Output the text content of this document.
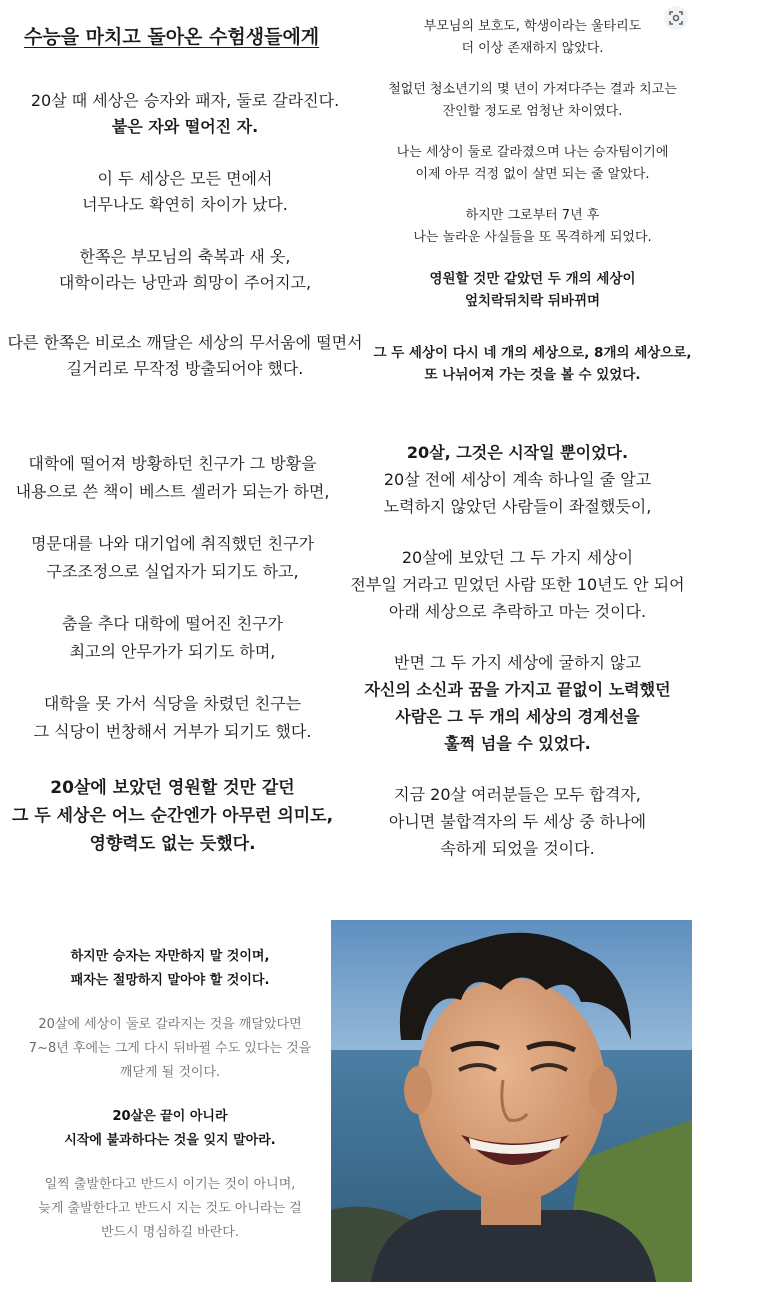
수능을 마치고 돌아온 수험생들에게

20살 때 세상은 승자와 패자, 둘로 갈라진다.
붙은 자와 떨어진 자.

이 두 세상은 모든 면에서
너무나도 확연히 차이가 났다.

한쪽은 부모님의 축복과 새 옷,
대학이라는 낭만과 희망이 주어지고,

다른 한쪽은 비로소 깨달은 세상의 무서움에 떨면서
길거리로 무작정 방출되어야 했다.

부모님의 보호도, 학생이라는 울타리도
더 이상 존재하지 않았다.

철없던 청소년기의 몇 년이 가져다주는 결과 치고는
잔인할 정도로 엄청난 차이였다.

나는 세상이 둘로 갈라졌으며 나는 승자팀이기에
이제 아무 걱정 없이 살면 되는 줄 알았다.

하지만 그로부터 7년 후
나는 놀라운 사실들을 또 목격하게 되었다.

영원할 것만 같았던 두 개의 세상이
엎치락뒤치락 뒤바뀌며

그 두 세상이 다시 네 개의 세상으로, 8개의 세상으로,
또 나뉘어져 가는 것을 볼 수 있었다.

대학에 떨어져 방황하던 친구가 그 방황을
내용으로 쓴 책이 베스트 셀러가 되는가 하면,

명문대를 나와 대기업에 취직했던 친구가
구조조정으로 실업자가 되기도 하고,

춤을 추다 대학에 떨어진 친구가
최고의 안무가가 되기도 하며,

대학을 못 가서 식당을 차렸던 친구는
그 식당이 번창해서 거부가 되기도 했다.

20살에 보았던 영원할 것만 같던
그 두 세상은 어느 순간엔가 아무런 의미도,
영향력도 없는 듯했다.

20살, 그것은 시작일 뿐이었다.
20살 전에 세상이 계속 하나일 줄 알고
노력하지 않았던 사람들이 좌절했듯이,

20살에 보았던 그 두 가지 세상이
전부일 거라고 믿었던 사람 또한 10년도 안 되어
아래 세상으로 추락하고 마는 것이다.

반면 그 두 가지 세상에 굴하지 않고
자신의 소신과 꿈을 가지고 끝없이 노력했던
사람은 그 두 개의 세상의 경계선을
훌쩍 넘을 수 있었다.

지금 20살 여러분들은 모두 합격자,
아니면 불합격자의 두 세상 중 하나에
속하게 되었을 것이다.

하지만 승자는 자만하지 말 것이며,
패자는 절망하지 말아야 할 것이다.

20살에 세상이 둘로 갈라지는 것을 깨달았다면
7~8년 후에는 그게 다시 뒤바뀔 수도 있다는 것을
깨닫게 될 것이다.

20살은 끝이 아니라
시작에 불과하다는 것을 잊지 말아라.

일찍 출발한다고 반드시 이기는 것이 아니며,
늦게 출발한다고 반드시 지는 것도 아니라는 걸
반드시 명심하길 바란다.
